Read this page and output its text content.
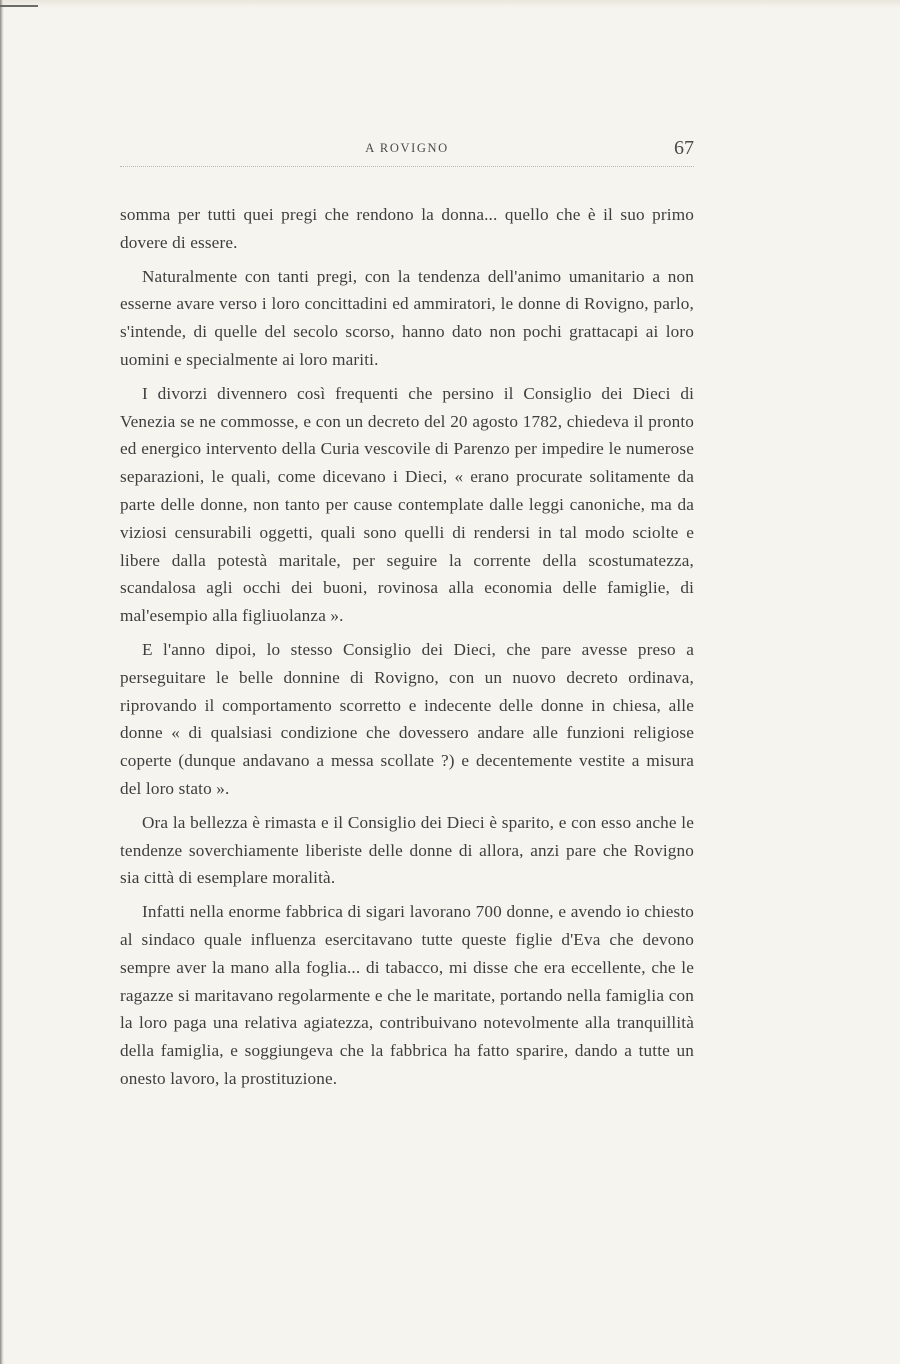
A ROVIGNO	67

somma per tutti quei pregi che rendono la donna... quello che è il suo primo dovere di essere.

Naturalmente con tanti pregi, con la tendenza dell'animo umanitario a non esserne avare verso i loro concittadini ed ammiratori, le donne di Rovigno, parlo, s'intende, di quelle del secolo scorso, hanno dato non pochi grattacapi ai loro uomini e specialmente ai loro mariti.

I divorzi divennero così frequenti che persino il Consiglio dei Dieci di Venezia se ne commosse, e con un decreto del 20 agosto 1782, chiedeva il pronto ed energico intervento della Curia vescovile di Parenzo per impedire le numerose separazioni, le quali, come dicevano i Dieci, « erano procurate solitamente da parte delle donne, non tanto per cause contemplate dalle leggi canoniche, ma da viziosi censurabili oggetti, quali sono quelli di rendersi in tal modo sciolte e libere dalla potestà maritale, per seguire la corrente della scostumatezza, scandalosa agli occhi dei buoni, rovinosa alla economia delle famiglie, di mal'esempio alla figliuolanza ».

E l'anno dipoi, lo stesso Consiglio dei Dieci, che pare avesse preso a perseguitare le belle donnine di Rovigno, con un nuovo decreto ordinava, riprovando il comportamento scorretto e indecente delle donne in chiesa, alle donne « di qualsiasi condizione che dovessero andare alle funzioni religiose coperte (dunque andavano a messa scollate ?) e decentemente vestite a misura del loro stato ».

Ora la bellezza è rimasta e il Consiglio dei Dieci è sparito, e con esso anche le tendenze soverchiamente liberiste delle donne di allora, anzi pare che Rovigno sia città di esemplare moralità.

Infatti nella enorme fabbrica di sigari lavorano 700 donne, e avendo io chiesto al sindaco quale influenza esercitavano tutte queste figlie d'Eva che devono sempre aver la mano alla foglia... di tabacco, mi disse che era eccellente, che le ragazze si maritavano regolarmente e che le maritate, portando nella famiglia con la loro paga una relativa agiatezza, contribuivano notevolmente alla tranquillità della famiglia, e soggiungeva che la fabbrica ha fatto sparire, dando a tutte un onesto lavoro, la prostituzione.
